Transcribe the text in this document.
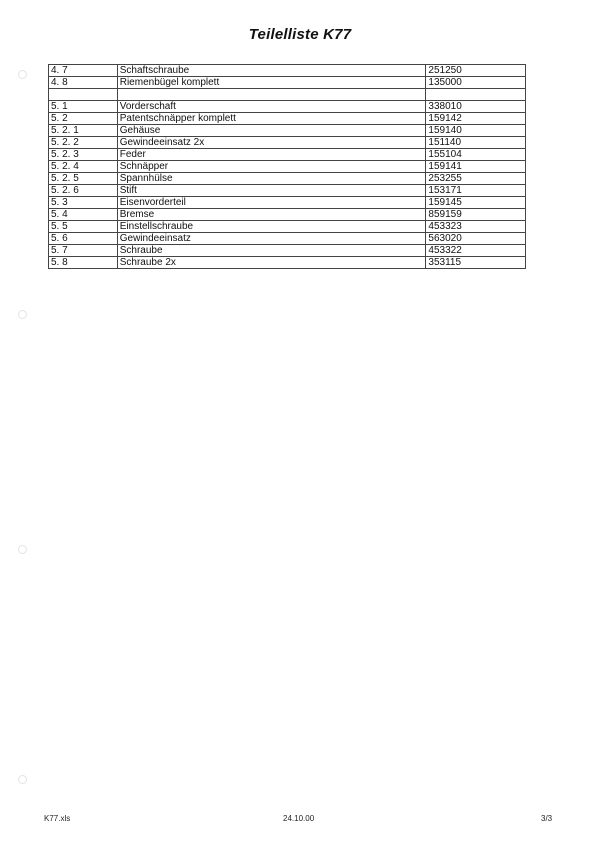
Teilelliste K77
4. 7	Schaftschraube	251250
4. 8	Riemenbügel komplett	135000

5. 1	Vorderschaft	338010
5. 2	Patentschnäpper komplett	159142
5. 2. 1	Gehäuse	159140
5. 2. 2	Gewindeeinsatz 2x	151140
5. 2. 3	Feder	155104
5. 2. 4	Schnäpper	159141
5. 2. 5	Spannhülse	253255
5. 2. 6	Stift	153171
5. 3	Eisenvorderteil	159145
5. 4	Bremse	859159
5. 5	Einstellschraube	453323
5. 6	Gewindeeinsatz	563020
5. 7	Schraube	453322
5. 8	Schraube 2x	353115
K77.xls	24.10.00	3/3
